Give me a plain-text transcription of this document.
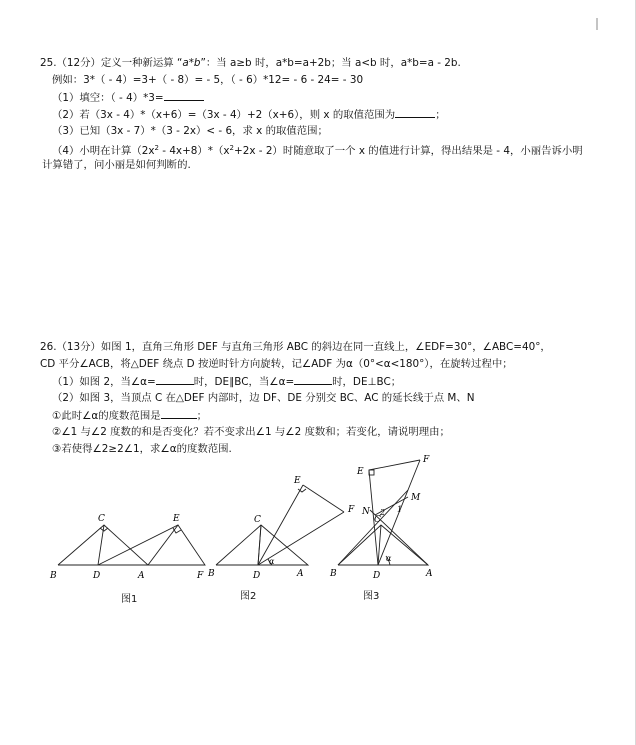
25.（12分）定义一种新运算 “a*b”：当 a≥b 时，a*b=a+2b；当 a<b 时，a*b=a - 2b.
例如：3*（ - 4）=3+（ - 8）= - 5，（ - 6）*12= - 6 - 24= - 30
（1）填空：（ - 4）*3=
（2）若（3x - 4）*（x+6）=（3x - 4）+2（x+6），则 x 的取值范围为	；
（3）已知（3x - 7）*（3 - 2x）< - 6，求 x 的取值范围；
（4）小明在计算$(2x^2 - 4x+8)*(x^2+2x - 2)$时随意取了一个 x 的值进行计算，得出结果是 - 4，小丽告诉小明
计算错了，问小丽是如何判断的.
26.（13分）如图 1，直角三角形 DEF 与直角三角形 ABC 的斜边在同一直线上，∠EDF=30°，∠ABC=40°，
CD 平分∠ACB，将△DEF 绕点 D 按逆时针方向旋转，记∠ADF 为α（0°<α<180°），在旋转过程中；
（1）如图 2，当∠α=	时，DE∥BC，当∠α=	时，DE⊥BC；
（2）如图 3，当顶点 C 在△DEF 内部时，边 DF、DE 分别交 BC、AC 的延长线于点 M、N
①此时∠α的度数范围是	；
②∠1 与∠2 度数的和是否变化？若不变求出∠1 与∠2 度数和；若变化，请说明理由；
③若使得∠2≥2∠1，求∠α的度数范围.
B	D	A	F
C	E
B	D	A
C
E
F
α
B	D	A
C
E
F
M
N	1
2
α
图1	图2	图3
